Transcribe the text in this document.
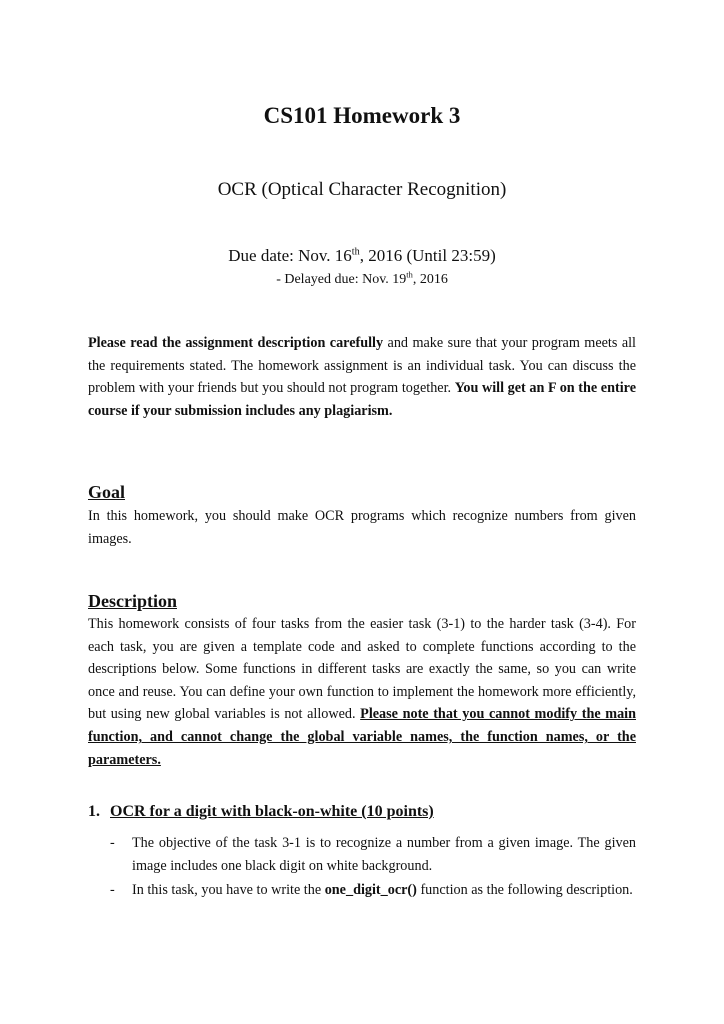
CS101 Homework 3
OCR (Optical Character Recognition)
Due date: Nov. 16th, 2016 (Until 23:59)
- Delayed due: Nov. 19th, 2016

Please read the assignment description carefully and make sure that your program meets all the requirements stated. The homework assignment is an individual task. You can discuss the problem with your friends but you should not program together. You will get an F on the entire course if your submission includes any plagiarism.

Goal

In this homework, you should make OCR programs which recognize numbers from given images.

Description

This homework consists of four tasks from the easier task (3-1) to the harder task (3-4). For each task, you are given a template code and asked to complete functions according to the descriptions below. Some functions in different tasks are exactly the same, so you can write once and reuse. You can define your own function to implement the homework more efficiently, but using new global variables is not allowed. Please note that you cannot modify the main function, and cannot change the global variable names, the function names, or the parameters.

1. OCR for a digit with black-on-white (10 points)

- The objective of the task 3-1 is to recognize a number from a given image. The given image includes one black digit on white background.

- In this task, you have to write the one_digit_ocr() function as the following description.
